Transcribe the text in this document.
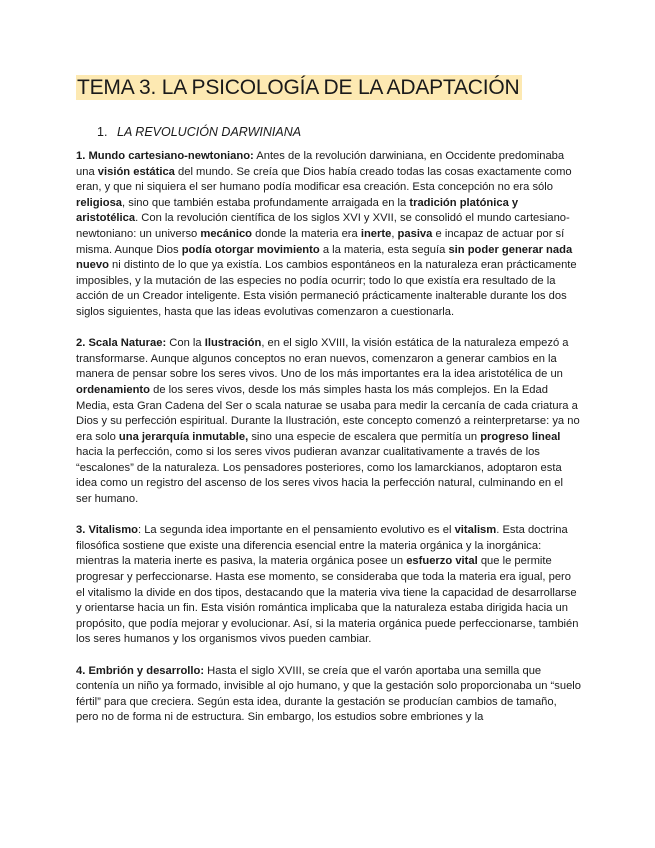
TEMA 3. LA PSICOLOGÍA DE LA ADAPTACIÓN
1. LA REVOLUCIÓN DARWINIANA

1. Mundo cartesiano-newtoniano: Antes de la revolución darwiniana, en Occidente predominaba una visión estática del mundo. Se creía que Dios había creado todas las cosas exactamente como eran, y que ni siquiera el ser humano podía modificar esa creación. Esta concepción no era sólo religiosa, sino que también estaba profundamente arraigada en la tradición platónica y aristotélica. Con la revolución científica de los siglos XVI y XVII, se consolidó el mundo cartesiano-newtoniano: un universo mecánico donde la materia era inerte, pasiva e incapaz de actuar por sí misma. Aunque Dios podía otorgar movimiento a la materia, esta seguía sin poder generar nada nuevo ni distinto de lo que ya existía. Los cambios espontáneos en la naturaleza eran prácticamente imposibles, y la mutación de las especies no podía ocurrir; todo lo que existía era resultado de la acción de un Creador inteligente. Esta visión permaneció prácticamente inalterable durante los dos siglos siguientes, hasta que las ideas evolutivas comenzaron a cuestionarla.

2. Scala Naturae: Con la Ilustración, en el siglo XVIII, la visión estática de la naturaleza empezó a transformarse. Aunque algunos conceptos no eran nuevos, comenzaron a generar cambios en la manera de pensar sobre los seres vivos. Uno de los más importantes era la idea aristotélica de un ordenamiento de los seres vivos, desde los más simples hasta los más complejos. En la Edad Media, esta Gran Cadena del Ser o scala naturae se usaba para medir la cercanía de cada criatura a Dios y su perfección espiritual. Durante la Ilustración, este concepto comenzó a reinterpretarse: ya no era solo una jerarquía inmutable, sino una especie de escalera que permitía un progreso lineal hacia la perfección, como si los seres vivos pudieran avanzar cualitativamente a través de los “escalones” de la naturaleza. Los pensadores posteriores, como los lamarckianos, adoptaron esta idea como un registro del ascenso de los seres vivos hacia la perfección natural, culminando en el ser humano.

3. Vitalismo: La segunda idea importante en el pensamiento evolutivo es el vitalism. Esta doctrina filosófica sostiene que existe una diferencia esencial entre la materia orgánica y la inorgánica: mientras la materia inerte es pasiva, la materia orgánica posee un esfuerzo vital que le permite progresar y perfeccionarse. Hasta ese momento, se consideraba que toda la materia era igual, pero el vitalismo la divide en dos tipos, destacando que la materia viva tiene la capacidad de desarrollarse y orientarse hacia un fin. Esta visión romántica implicaba que la naturaleza estaba dirigida hacia un propósito, que podía mejorar y evolucionar. Así, si la materia orgánica puede perfeccionarse, también los seres humanos y los organismos vivos pueden cambiar.

4. Embrión y desarrollo: Hasta el siglo XVIII, se creía que el varón aportaba una semilla que contenía un niño ya formado, invisible al ojo humano, y que la gestación solo proporcionaba un “suelo fértil” para que creciera. Según esta idea, durante la gestación se producían cambios de tamaño, pero no de forma ni de estructura. Sin embargo, los estudios sobre embriones y la
